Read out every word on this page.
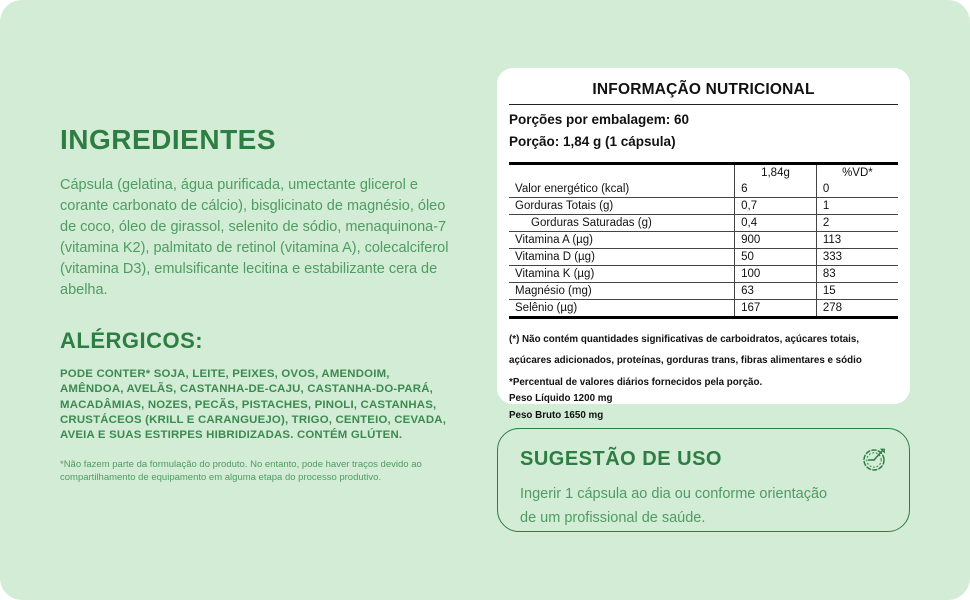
INGREDIENTES

Cápsula (gelatina, água purificada, umectante glicerol e corante carbonato de cálcio), bisglicinato de magnésio, óleo de coco, óleo de girassol, selenito de sódio, menaquinona-7 (vitamina K2), palmitato de retinol (vitamina A), colecalciferol (vitamina D3), emulsificante lecitina e estabilizante cera de abelha.

ALÉRGICOS:

PODE CONTER* SOJA, LEITE, PEIXES, OVOS, AMENDOIM, AMÊNDOA, AVELÃS, CASTANHA-DE-CAJU, CASTANHA-DO-PARÁ, MACADÂMIAS, NOZES, PECÃS, PISTACHES, PINOLI, CASTANHAS, CRUSTÁCEOS (KRILL E CARANGUEJO), TRIGO, CENTEIO, CEVADA, AVEIA E SUAS ESTIRPES HIBRIDIZADAS. CONTÉM GLÚTEN.

*Não fazem parte da formulação do produto. No entanto, pode haver traços devido ao compartilhamento de equipamento em alguma etapa do processo produtivo.

INFORMAÇÃO NUTRICIONAL

Porções por embalagem: 60

Porção: 1,84 g (1 cápsula)

	1,84g	%VD*
Valor energético (kcal)	6	0
Gorduras Totais (g)	0,7	1
Gorduras Saturadas (g)	0,4	2
Vitamina A (µg)	900	113
Vitamina D (µg)	50	333
Vitamina K (µg)	100	83
Magnésio (mg)	63	15
Selênio (µg)	167	278

(*) Não contém quantidades significativas de carboidratos, açúcares totais, açúcares adicionados, proteínas, gorduras trans, fibras alimentares e sódio

*Percentual de valores diários fornecidos pela porção.

Peso Líquido 1200 mg

Peso Bruto 1650 mg

SUGESTÃO DE USO

Ingerir 1 cápsula ao dia ou conforme orientação de um profissional de saúde.
